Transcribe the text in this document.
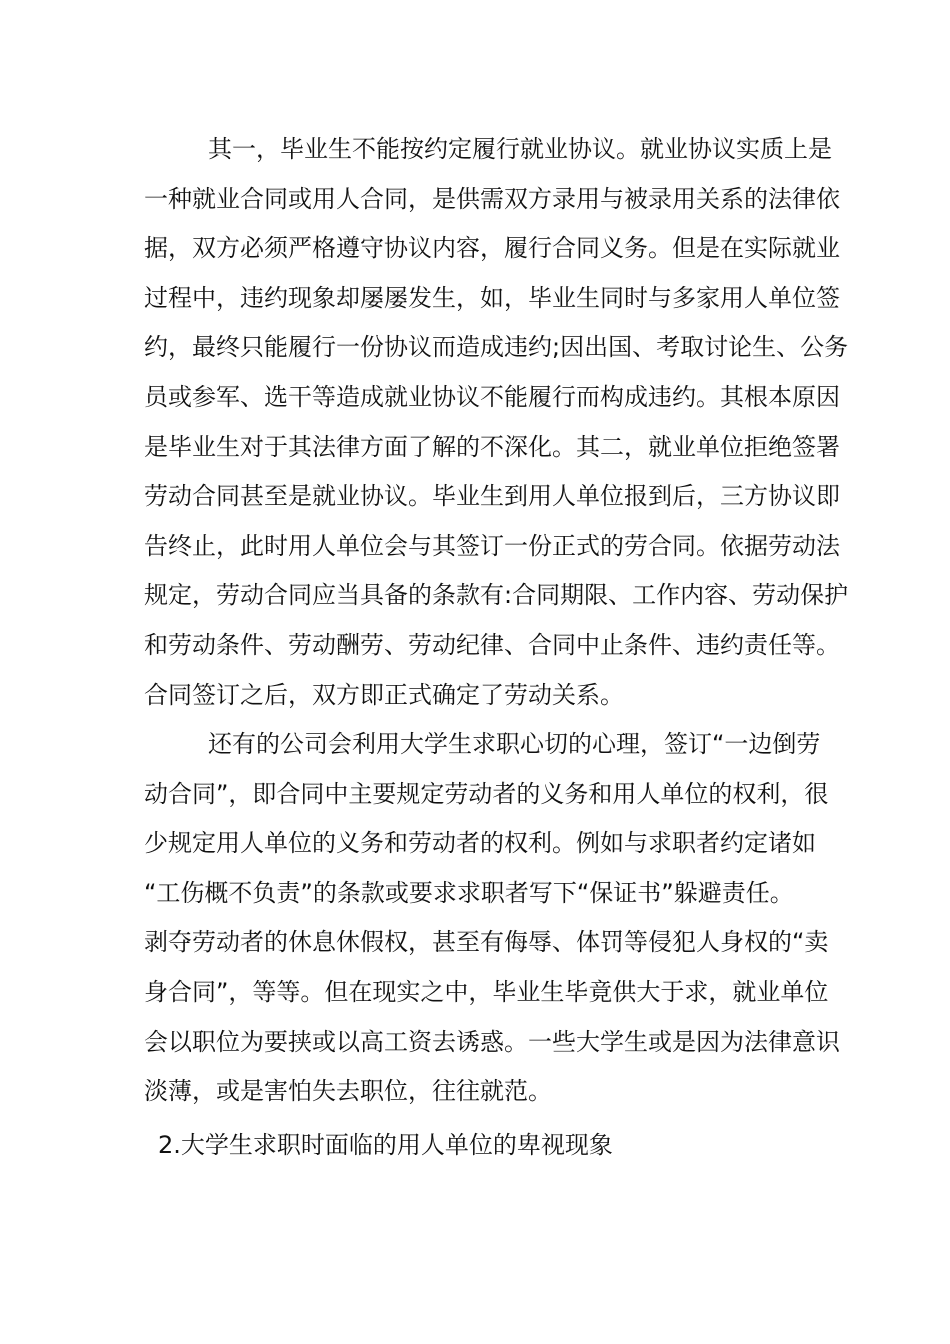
其一，毕业生不能按约定履行就业协议。就业协议实质上是
一种就业合同或用人合同，是供需双方录用与被录用关系的法律依
据，双方必须严格遵守协议内容，履行合同义务。但是在实际就业
过程中，违约现象却屡屡发生，如，毕业生同时与多家用人单位签
约，最终只能履行一份协议而造成违约;因出国、考取讨论生、公务
员或参军、选干等造成就业协议不能履行而构成违约。其根本原因
是毕业生对于其法律方面了解的不深化。其二，就业单位拒绝签署
劳动合同甚至是就业协议。毕业生到用人单位报到后，三方协议即
告终止，此时用人单位会与其签订一份正式的劳合同。依据劳动法
规定，劳动合同应当具备的条款有:合同期限、工作内容、劳动保护
和劳动条件、劳动酬劳、劳动纪律、合同中止条件、违约责任等。
合同签订之后，双方即正式确定了劳动关系。
还有的公司会利用大学生求职心切的心理，签订“一边倒劳
动合同”，即合同中主要规定劳动者的义务和用人单位的权利，很
少规定用人单位的义务和劳动者的权利。例如与求职者约定诸如
“工伤概不负责”的条款或要求求职者写下“保证书”躲避责任。
剥夺劳动者的休息休假权，甚至有侮辱、体罚等侵犯人身权的“卖
身合同”，等等。但在现实之中，毕业生毕竟供大于求，就业单位
会以职位为要挟或以高工资去诱惑。一些大学生或是因为法律意识
淡薄，或是害怕失去职位，往往就范。
2.大学生求职时面临的用人单位的卑视现象
